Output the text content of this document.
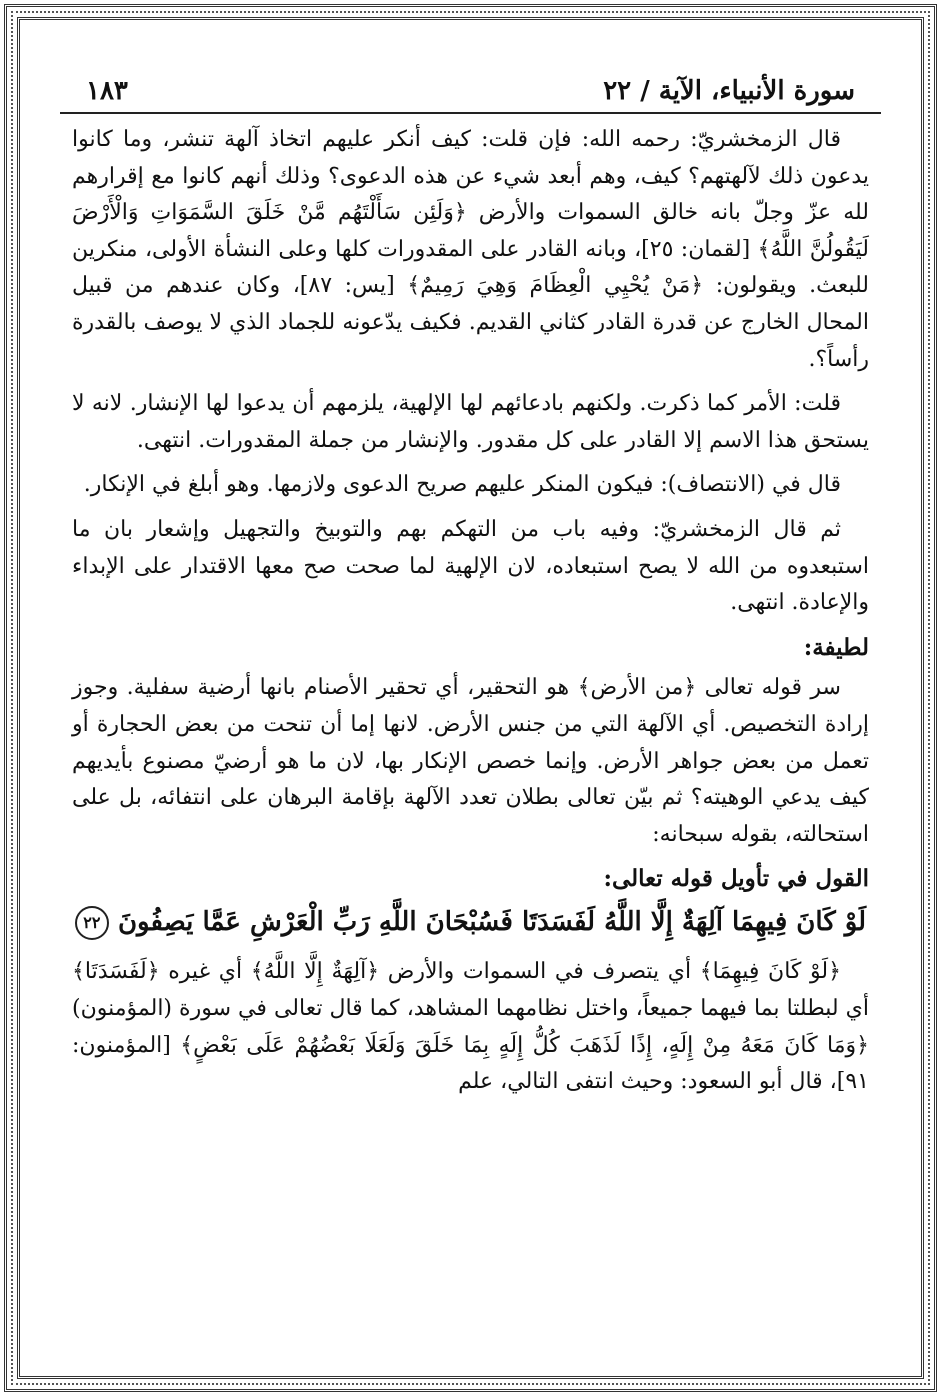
سورة الأنبياء، الآية / ٢٢
١٨٣

قال الزمخشريّ: رحمه الله: فإن قلت: كيف أنكر عليهم اتخاذ آلهة تنشر، وما كانوا يدعون ذلك لآلهتهم؟ كيف، وهم أبعد شيء عن هذه الدعوى؟ وذلك أنهم كانوا مع إقرارهم لله عزّ وجلّ بانه خالق السموات والأرض ﴿وَلَئِن سَأَلْتَهُم مَّنْ خَلَقَ السَّمَوَاتِ وَالْأَرْضَ لَيَقُولُنَّ اللَّهُ﴾ [لقمان: ٢٥]، وبانه القادر على المقدورات كلها وعلى النشأة الأولى، منكرين للبعث. ويقولون: ﴿مَنْ يُحْيِي الْعِظَامَ وَهِيَ رَمِيمٌ﴾ [يس: ٨٧]، وكان عندهم من قبيل المحال الخارج عن قدرة القادر كثاني القديم. فكيف يدّعونه للجماد الذي لا يوصف بالقدرة رأساً؟.

قلت: الأمر كما ذكرت. ولكنهم بادعائهم لها الإلهية، يلزمهم أن يدعوا لها الإنشار. لانه لا يستحق هذا الاسم إلا القادر على كل مقدور. والإنشار من جملة المقدورات. انتهى.

قال في (الانتصاف): فيكون المنكر عليهم صريح الدعوى ولازمها. وهو أبلغ في الإنكار.

ثم قال الزمخشريّ: وفيه باب من التهكم بهم والتوبيخ والتجهيل وإشعار بان ما استبعدوه من الله لا يصح استبعاده، لان الإلهية لما صحت صح معها الاقتدار على الإبداء والإعادة. انتهى.

لطيفة:

سر قوله تعالى ﴿من الأرض﴾ هو التحقير، أي تحقير الأصنام بانها أرضية سفلية. وجوز إرادة التخصيص. أي الآلهة التي من جنس الأرض. لانها إما أن تنحت من بعض الحجارة أو تعمل من بعض جواهر الأرض. وإنما خصص الإنكار بها، لان ما هو أرضيّ مصنوع بأيديهم كيف يدعي الوهيته؟ ثم بيّن تعالى بطلان تعدد الآلهة بإقامة البرهان على انتفائه، بل على استحالته، بقوله سبحانه:

القول في تأويل قوله تعالى:
لَوْ كَانَ فِيهِمَا آلِهَةٌ إِلَّا اللَّهُ لَفَسَدَتَا فَسُبْحَانَ اللَّهِ رَبِّ الْعَرْشِ عَمَّا يَصِفُونَ ٢٢

﴿لَوْ كَانَ فِيهِمَا﴾ أي يتصرف في السموات والأرض ﴿آلِهَةٌ إِلَّا اللَّهُ﴾ أي غيره ﴿لَفَسَدَتَا﴾ أي لبطلتا بما فيهما جميعاً، واختل نظامهما المشاهد، كما قال تعالى في سورة (المؤمنون) ﴿وَمَا كَانَ مَعَهُ مِنْ إِلَهٍ، إِذًا لَذَهَبَ كُلُّ إِلَهٍ بِمَا خَلَقَ وَلَعَلَا بَعْضُهُمْ عَلَى بَعْضٍ﴾ [المؤمنون: ٩١]، قال أبو السعود: وحيث انتفى التالي، علم
